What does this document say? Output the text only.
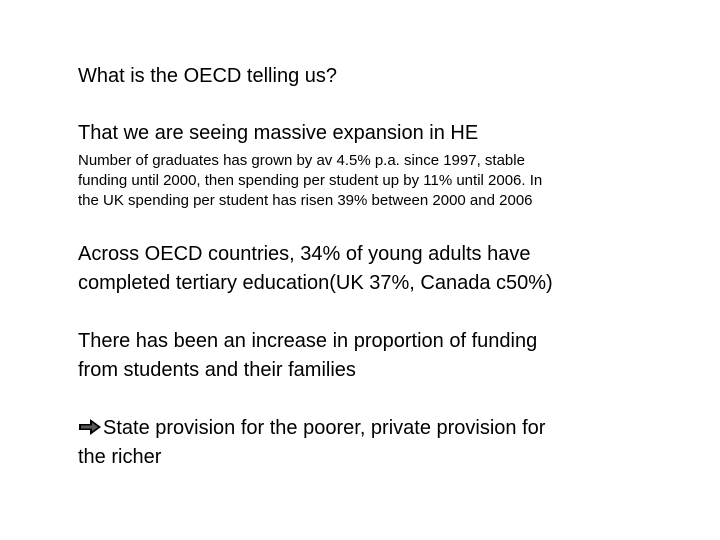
What is the OECD telling us?

That we are seeing massive expansion in HE

Number of graduates has grown by av 4.5% p.a. since 1997, stable
funding until 2000, then spending per student up by 11% until 2006. In
the UK spending per student has risen 39% between 2000 and 2006

Across OECD countries, 34% of young adults have
completed tertiary education(UK 37%, Canada c50%)

There has been an increase in proportion of funding
from students and their families

State provision for the poorer, private provision for
the richer
